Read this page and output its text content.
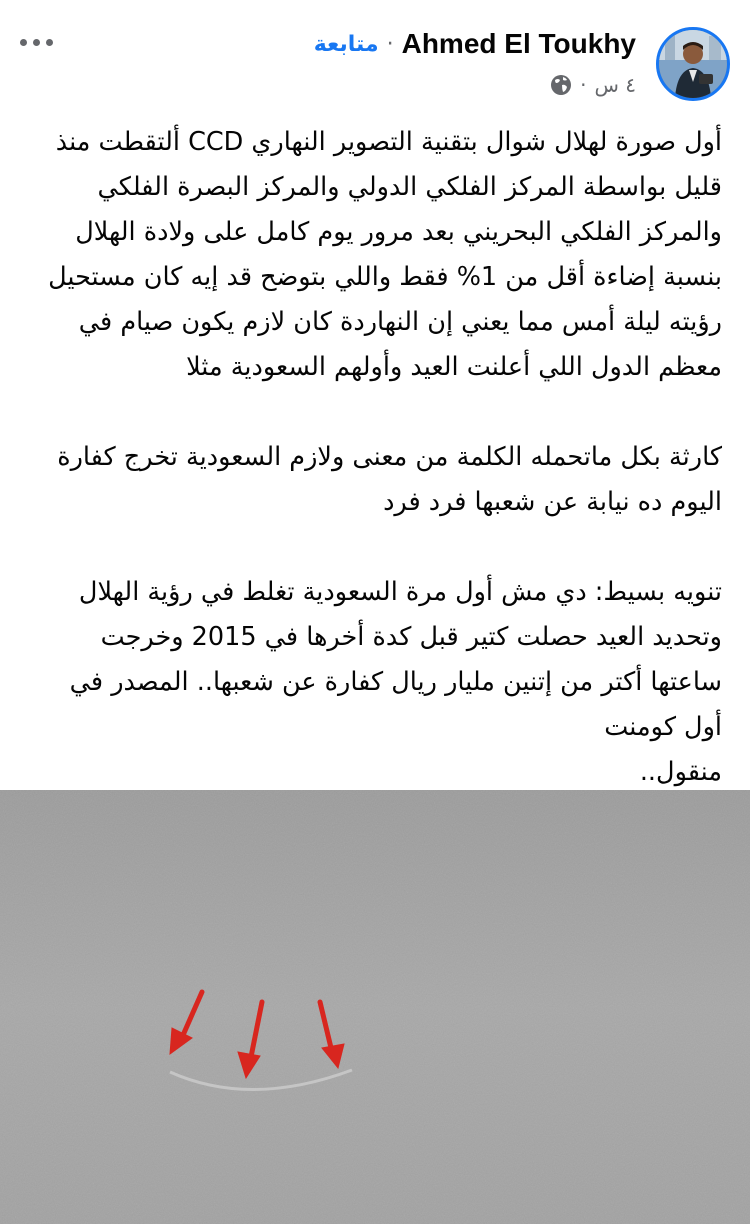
Ahmed El Toukhy
·
متابعة
٤ س
·

أول صورة لهلال شوال بتقنية التصوير النهاري CCD ألتقطت منذ قليل بواسطة المركز الفلكي الدولي والمركز البصرة الفلكي والمركز الفلكي البحريني بعد مرور يوم كامل على ولادة الهلال بنسبة إضاءة أقل من 1% فقط واللي بتوضح قد إيه كان مستحيل رؤيته ليلة أمس مما يعني إن النهاردة كان لازم يكون صيام في معظم الدول اللي أعلنت العيد وأولهم السعودية مثلا

كارثة بكل ماتحمله الكلمة من معنى ولازم السعودية تخرج كفارة اليوم ده نيابة عن شعبها فرد فرد

تنويه بسيط: دي مش أول مرة السعودية تغلط في رؤية الهلال وتحديد العيد حصلت كتير قبل كدة أخرها في 2015 وخرجت ساعتها أكتر من إتنين مليار ريال كفارة عن شعبها.. المصدر في أول كومنت

منقول..
